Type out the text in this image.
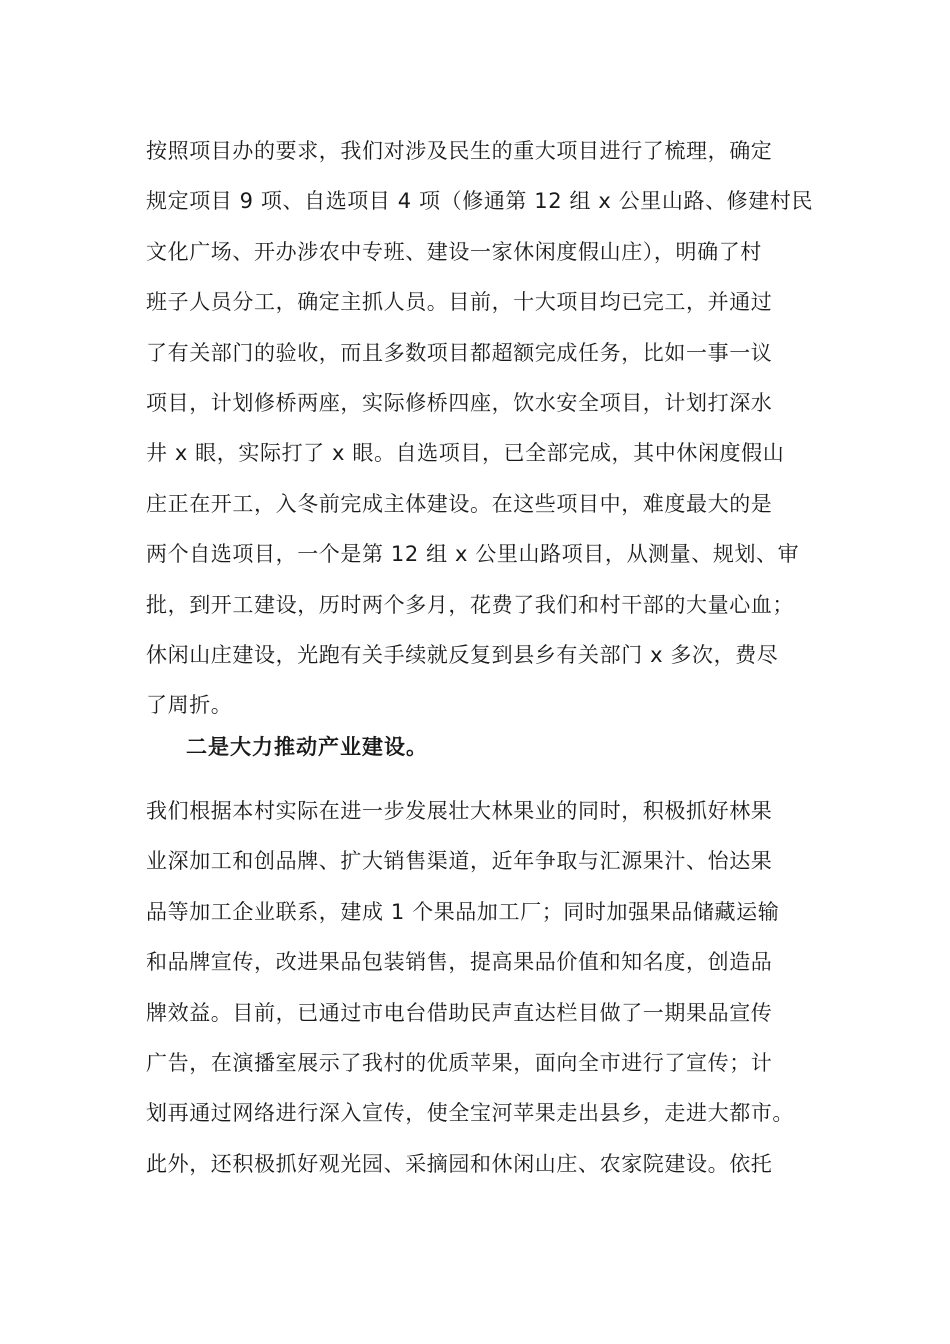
按照项目办的要求，我们对涉及民生的重大项目进行了梳理，确定
规定项目 9 项、自选项目 4 项（修通第 12 组 x 公里山路、修建村民
文化广场、开办涉农中专班、建设一家休闲度假山庄），明确了村
班子人员分工，确定主抓人员。目前，十大项目均已完工，并通过
了有关部门的验收，而且多数项目都超额完成任务，比如一事一议
项目，计划修桥两座，实际修桥四座，饮水安全项目，计划打深水
井 x 眼，实际打了 x 眼。自选项目，已全部完成，其中休闲度假山
庄正在开工，入冬前完成主体建设。在这些项目中，难度最大的是
两个自选项目，一个是第 12 组 x 公里山路项目，从测量、规划、审
批，到开工建设，历时两个多月，花费了我们和村干部的大量心血；
休闲山庄建设，光跑有关手续就反复到县乡有关部门 x 多次，费尽
了周折。
二是大力推动产业建设。
我们根据本村实际在进一步发展壮大林果业的同时，积极抓好林果
业深加工和创品牌、扩大销售渠道，近年争取与汇源果汁、怡达果
品等加工企业联系，建成 1 个果品加工厂；同时加强果品储藏运输
和品牌宣传，改进果品包装销售，提高果品价值和知名度，创造品
牌效益。目前，已通过市电台借助民声直达栏目做了一期果品宣传
广告，在演播室展示了我村的优质苹果，面向全市进行了宣传；计
划再通过网络进行深入宣传，使全宝河苹果走出县乡，走进大都市。
此外，还积极抓好观光园、采摘园和休闲山庄、农家院建设。依托
